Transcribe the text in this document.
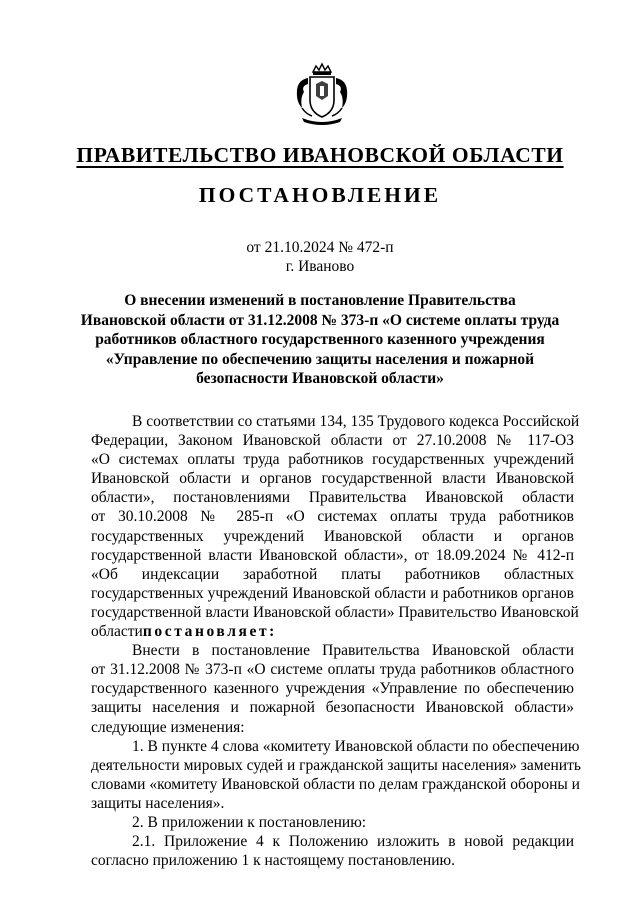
ПРАВИТЕЛЬСТВО ИВАНОВСКОЙ ОБЛАСТИ
ПОСТАНОВЛЕНИЕ
от 21.10.2024 № 472-п
г. Иваново
О внесении изменений в постановление Правительства
Ивановской области от 31.12.2008 № 373-п «О системе оплаты труда
работников областного государственного казенного учреждения
«Управление по обеспечению защиты населения и пожарной
безопасности Ивановской области»
В соответствии со статьями 134, 135 Трудового кодекса Российской
Федерации, Законом Ивановской области от 27.10.2008 № 117-ОЗ
«О системах оплаты труда работников государственных учреждений
Ивановской области и органов государственной власти Ивановской
области», постановлениями Правительства Ивановской области
от 30.10.2008 № 285-п «О системах оплаты труда работников
государственных учреждений Ивановской области и органов
государственной власти Ивановской области», от 18.09.2024 № 412-п
«Об индексации заработной платы работников областных
государственных учреждений Ивановской области и работников органов
государственной власти Ивановской области» Правительство Ивановской
областипостановляет:
Внести в постановление Правительства Ивановской области
от 31.12.2008 № 373-п «О системе оплаты труда работников областного
государственного казенного учреждения «Управление по обеспечению
защиты населения и пожарной безопасности Ивановской области»
следующие изменения:
1. В пункте 4 слова «комитету Ивановской области по обеспечению
деятельности мировых судей и гражданской защиты населения» заменить
словами «комитету Ивановской области по делам гражданской обороны и
защиты населения».
2. В приложении к постановлению:
2.1. Приложение 4 к Положению изложить в новой редакции
согласно приложению 1 к настоящему постановлению.
